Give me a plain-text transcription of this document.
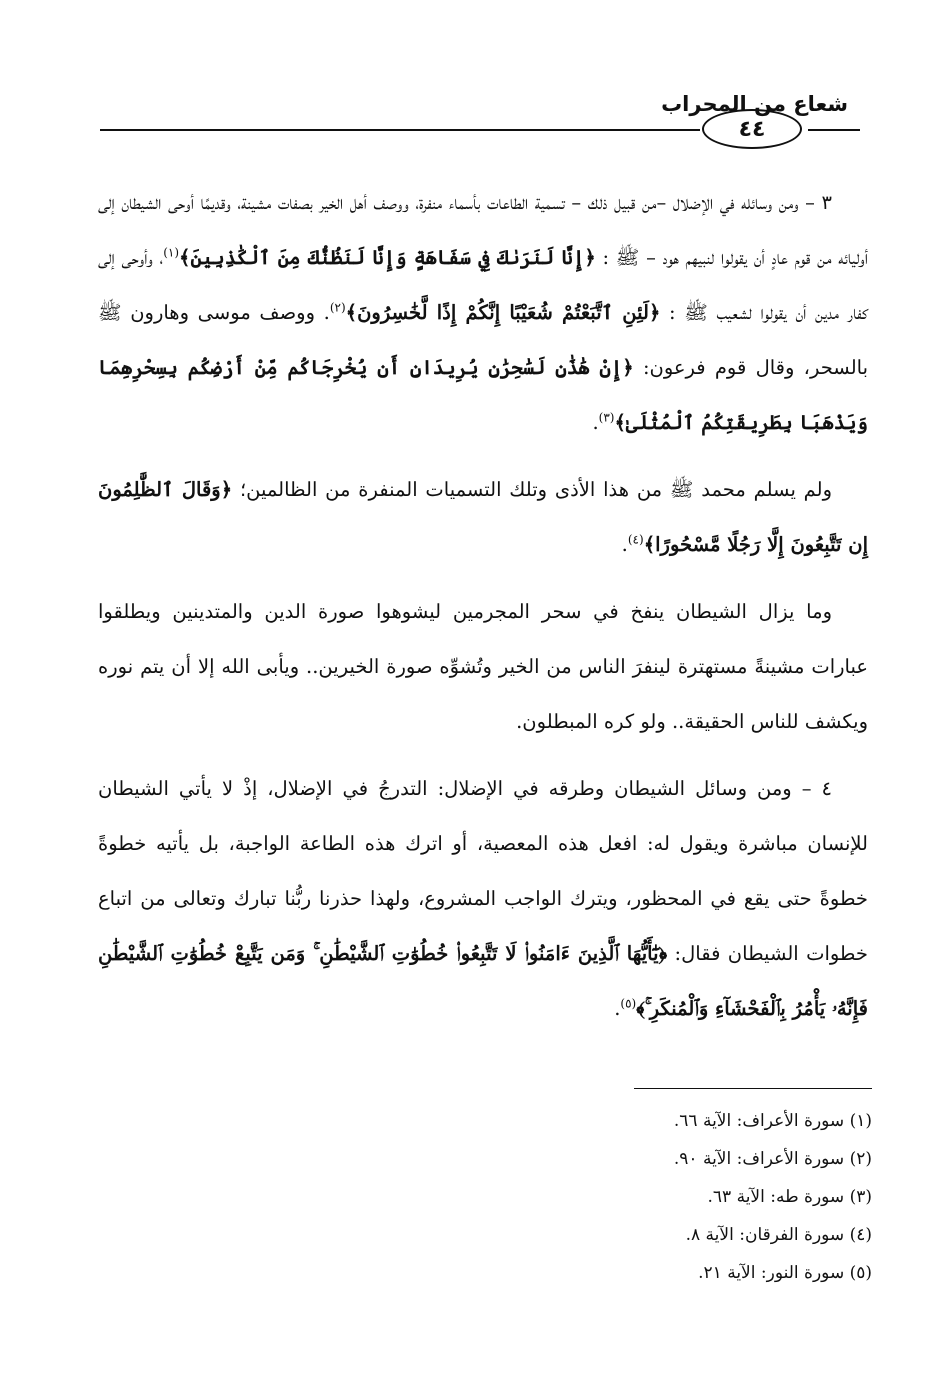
شعاع من المحراب
٤٤

٣ – ومن وسائله في الإضلال –من قبيل ذلك – تسمية الطاعات بأسماء منفرة، ووصف أهل الخير بصفات مشينة، وقديمًا أوحى الشيطان إلى أوليائه من قوم عادٍ أن يقولوا لنبيهم هود – ﷺ : ﴿إِنَّا لَنَرَىٰكَ فِي سَفَاهَةٍ وَإِنَّا لَنَظُنُّكَ مِنَ ٱلْكَٰذِبِينَ﴾$^{(١)}$، وأوحى إلى كفار مدين أن يقولوا لشعيب ﷺ : ﴿لَئِنِ ٱتَّبَعْتُمْ شُعَيْبًا إِنَّكُمْ إِذًا لَّخَٰسِرُونَ﴾$^{(٢)}$. ووصف موسى وهارون ﷺ بالسحر، وقال قوم فرعون: ﴿إِنْ هَٰذَٰنِ لَسَٰحِرَٰنِ يُرِيدَانِ أَن يُخْرِجَاكُم مِّنْ أَرْضِكُم بِسِحْرِهِمَا وَيَذْهَبَا بِطَرِيقَتِكُمُ ٱلْمُثْلَىٰ﴾$^{(٣)}$.

ولم يسلم محمد ﷺ من هذا الأذى وتلك التسميات المنفرة من الظالمين؛ ﴿وَقَالَ ٱلظَّٰلِمُونَ إِن تَتَّبِعُونَ إِلَّا رَجُلًا مَّسْحُورًا﴾$^{(٤)}$.

وما يزال الشيطان ينفخ في سحر المجرمين ليشوهوا صورة الدين والمتدينين ويطلقوا عبارات مشينةً مستهترة لينفرَ الناس من الخير وتُشوِّه صورة الخيرين.. ويأبى الله إلا أن يتم نوره ويكشف للناس الحقيقة.. ولو كره المبطلون.

٤ – ومن وسائل الشيطان وطرقه في الإضلال: التدرجُ في الإضلال، إذْ لا يأتي الشيطان للإنسان مباشرة ويقول له: افعل هذه المعصية، أو اترك هذه الطاعة الواجبة، بل يأتيه خطوةً خطوةً حتى يقع في المحظور، ويترك الواجب المشروع، ولهذا حذرنا ربُّنا تبارك وتعالى من اتباع خطوات الشيطان فقال: ﴿يَٰٓأَيُّهَا ٱلَّذِينَ ءَامَنُوا۟ لَا تَتَّبِعُوا۟ خُطُوَٰتِ ٱلشَّيْطَٰنِ ۚ وَمَن يَتَّبِعْ خُطُوَٰتِ ٱلشَّيْطَٰنِ فَإِنَّهُۥ يَأْمُرُ بِٱلْفَحْشَآءِ وَٱلْمُنكَرِ ۚ﴾$^{(٥)}$.

(١) سورة الأعراف: الآية ٦٦.
(٢) سورة الأعراف: الآية ٩٠.
(٣) سورة طه: الآية ٦٣.
(٤) سورة الفرقان: الآية ٨.
(٥) سورة النور: الآية ٢١.
